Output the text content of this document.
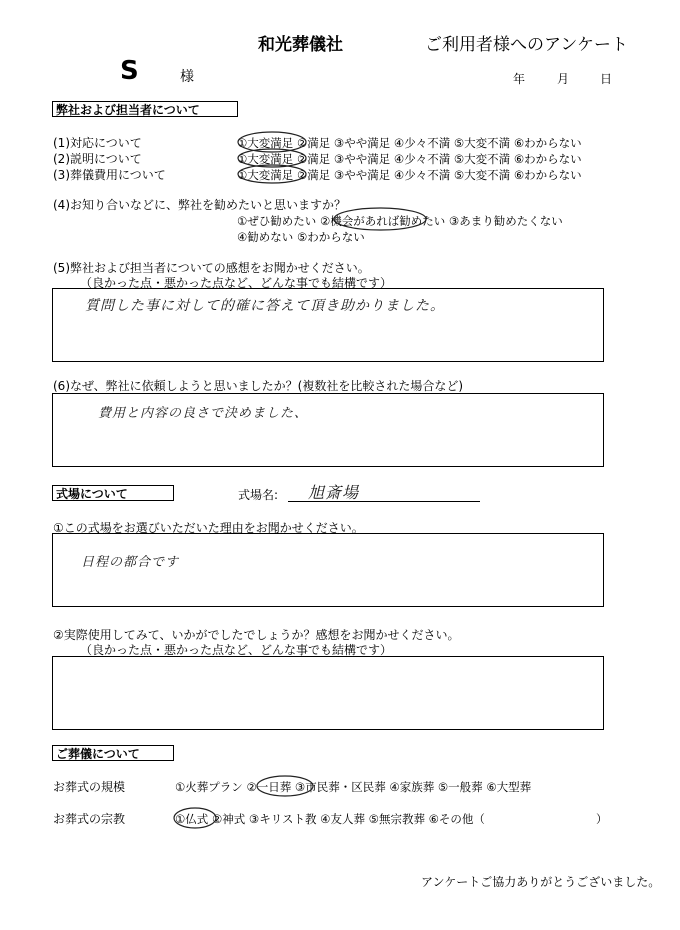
和光葬儀社	ご利用者様へのアンケート
S	様	年	月	日
弊社および担当者について
(1)対応について	①大変満足 ②満足 ③やや満足 ④少々不満 ⑤大変不満 ⑥わからない
(2)説明について	①大変満足 ②満足 ③やや満足 ④少々不満 ⑤大変不満 ⑥わからない
(3)葬儀費用について	①大変満足 ②満足 ③やや満足 ④少々不満 ⑤大変不満 ⑥わからない
(4)お知り合いなどに、弊社を勧めたいと思いますか？
①ぜひ勧めたい ②機会があれば勧めたい ③あまり勧めたくない
④勧めない ⑤わからない
(5)弊社および担当者についての感想をお聞かせください。
（良かった点・悪かった点など、どんな事でも結構です）
質問した事に対して的確に答えて頂き助かりました。
(6)なぜ、弊社に依頼しようと思いましたか？(複数社を比較された場合など)
費用と内容の良さで決めました、
式場について	式場名: 旭斎場
①この式場をお選びいただいた理由をお聞かせください。
日程の都合です
②実際使用してみて、いかがでしたでしょうか？感想をお聞かせください。
（良かった点・悪かった点など、どんな事でも結構です）
ご葬儀について
お葬式の規模	①火葬プラン ②一日葬 ③市民葬・区民葬 ④家族葬 ⑤一般葬 ⑥大型葬
お葬式の宗教	①仏式 ②神式 ③キリスト教 ④友人葬 ⑤無宗教葬 ⑥その他（	）
アンケートご協力ありがとうございました。
